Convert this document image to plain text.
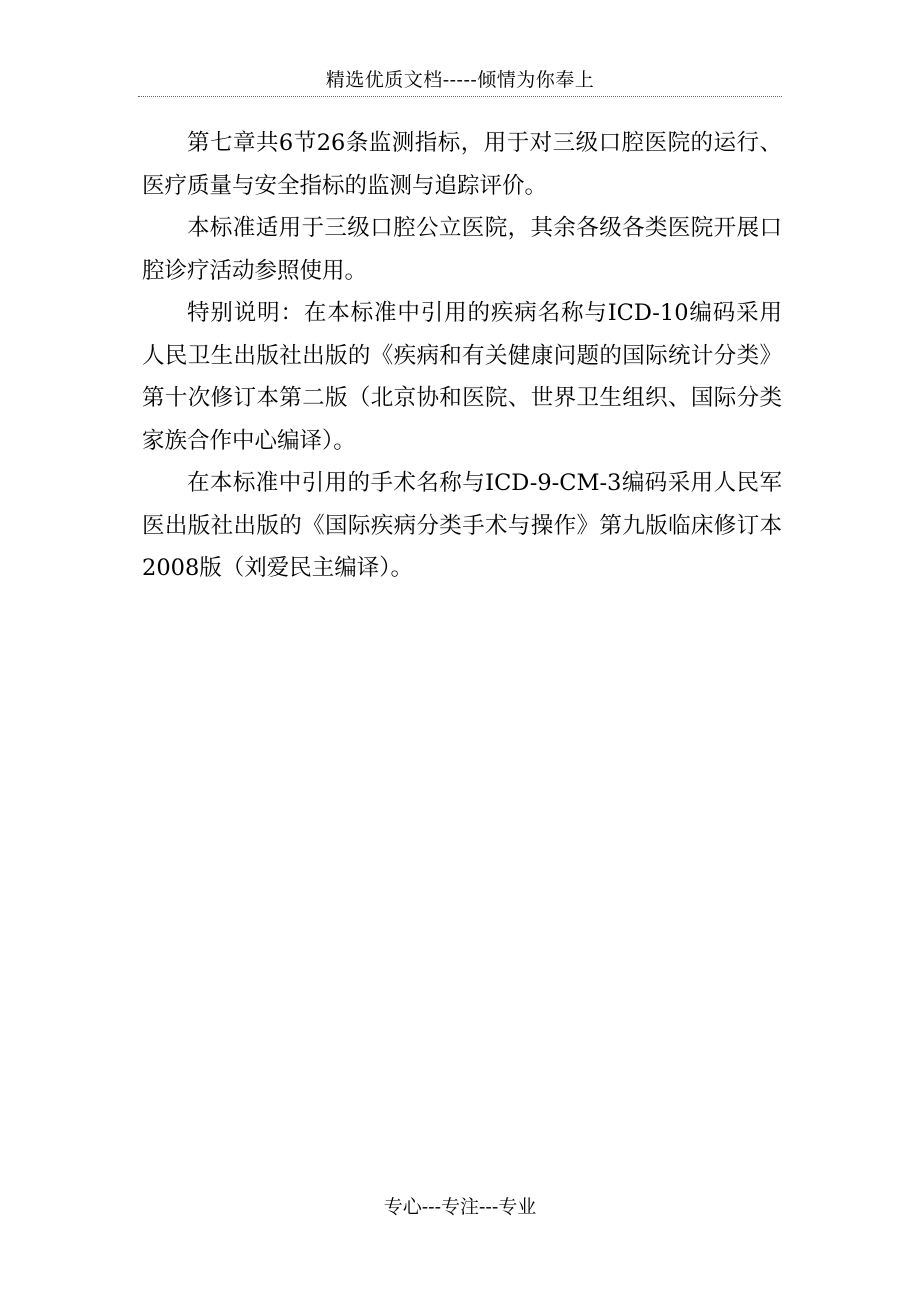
精选优质文档-----倾情为你奉上

第七章共6节26条监测指标，用于对三级口腔医院的运行、医疗质量与安全指标的监测与追踪评价。

本标准适用于三级口腔公立医院，其余各级各类医院开展口腔诊疗活动参照使用。

特别说明：在本标准中引用的疾病名称与ICD-10编码采用人民卫生出版社出版的《疾病和有关健康问题的国际统计分类》第十次修订本第二版（北京协和医院、世界卫生组织、国际分类家族合作中心编译）。

在本标准中引用的手术名称与ICD-9-CM-3编码采用人民军医出版社出版的《国际疾病分类手术与操作》第九版临床修订本2008版（刘爱民主编译）。

专心---专注---专业
